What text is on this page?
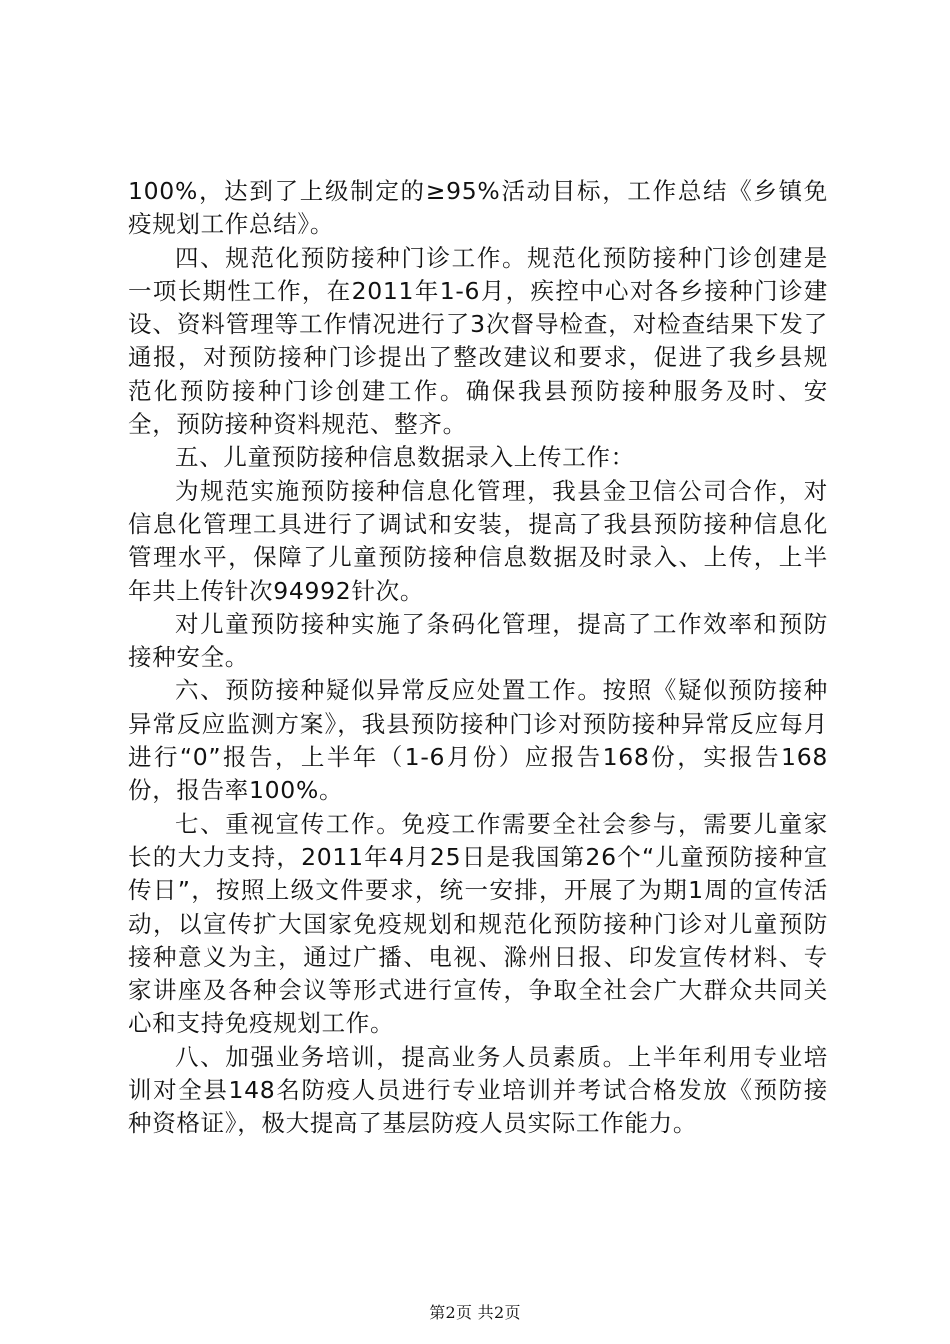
100%，达到了上级制定的≥95%活动目标，工作总结《乡镇免疫规划工作总结》。

四、规范化预防接种门诊工作。规范化预防接种门诊创建是一项长期性工作，在2011年1-6月，疾控中心对各乡接种门诊建设、资料管理等工作情况进行了3次督导检查，对检查结果下发了通报，对预防接种门诊提出了整改建议和要求，促进了我乡县规范化预防接种门诊创建工作。确保我县预防接种服务及时、安全，预防接种资料规范、整齐。

五、儿童预防接种信息数据录入上传工作：

为规范实施预防接种信息化管理，我县金卫信公司合作，对信息化管理工具进行了调试和安装，提高了我县预防接种信息化管理水平，保障了儿童预防接种信息数据及时录入、上传，上半年共上传针次94992针次。

对儿童预防接种实施了条码化管理，提高了工作效率和预防接种安全。

六、预防接种疑似异常反应处置工作。按照《疑似预防接种异常反应监测方案》，我县预防接种门诊对预防接种异常反应每月进行“0”报告，上半年（1-6月份）应报告168份，实报告168份，报告率100%。

七、重视宣传工作。免疫工作需要全社会参与，需要儿童家长的大力支持，2011年4月25日是我国第26个“儿童预防接种宣传日”，按照上级文件要求，统一安排，开展了为期1周的宣传活动，以宣传扩大国家免疫规划和规范化预防接种门诊对儿童预防接种意义为主，通过广播、电视、滁州日报、印发宣传材料、专家讲座及各种会议等形式进行宣传，争取全社会广大群众共同关心和支持免疫规划工作。

八、加强业务培训，提高业务人员素质。上半年利用专业培训对全县148名防疫人员进行专业培训并考试合格发放《预防接种资格证》，极大提高了基层防疫人员实际工作能力。

第2页 共2页
